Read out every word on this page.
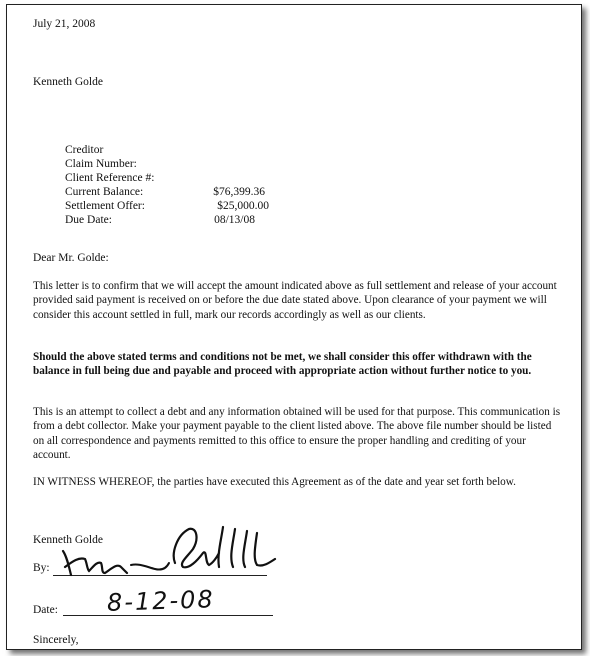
July 21, 2008
Kenneth Golde
Creditor
Claim Number:
Client Reference #:
Current Balance:	$76,399.36
Settlement Offer:	$25,000.00
Due Date:	08/13/08
Dear Mr. Golde:
This letter is to confirm that we will accept the amount indicated above as full settlement and release of your account provided said payment is received on or before the due date stated above. Upon clearance of your payment we will consider this account settled in full, mark our records accordingly as well as our clients.
Should the above stated terms and conditions not be met, we shall consider this offer withdrawn with the balance in full being due and payable and proceed with appropriate action without further notice to you.
This is an attempt to collect a debt and any information obtained will be used for that purpose. This communication is from a debt collector. Make your payment payable to the client listed above. The above file number should be listed on all correspondence and payments remitted to this office to ensure the proper handling and crediting of your account.
IN WITNESS WHEREOF, the parties have executed this Agreement as of the date and year set forth below.
Kenneth Golde
By:
Date: 8-12-08
Sincerely,
